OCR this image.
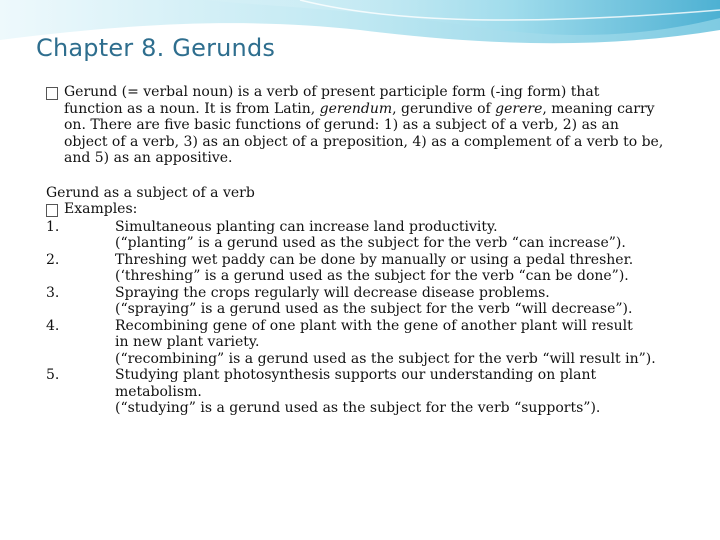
Chapter 8. Gerunds
Gerund (= verbal noun) is a verb of present participle form (-ing form) that
function as a noun. It is from Latin, gerendum, gerundive of gerere, meaning carry
on. There are five basic functions of gerund: 1) as a subject of a verb, 2) as an
object of a verb, 3) as an object of a preposition, 4) as a complement of a verb to be,
and 5) as an appositive.
Gerund as a subject of a verb
Examples:
1.	Simultaneous planting can increase land productivity.
(“planting” is a gerund used as the subject for the verb “can increase”).
2.	Threshing wet paddy can be done by manually or using a pedal thresher.
(‘threshing” is a gerund used as the subject for the verb “can be done”).
3.	Spraying the crops regularly will decrease disease problems.
(“spraying” is a gerund used as the subject for the verb “will decrease”).
4.	Recombining gene of one plant with the gene of another plant will result
in new plant variety.
(“recombining” is a gerund used as the subject for the verb “will result in”).
5.	Studying plant photosynthesis supports our understanding on plant
metabolism.
(“studying” is a gerund used as the subject for the verb “supports”).
